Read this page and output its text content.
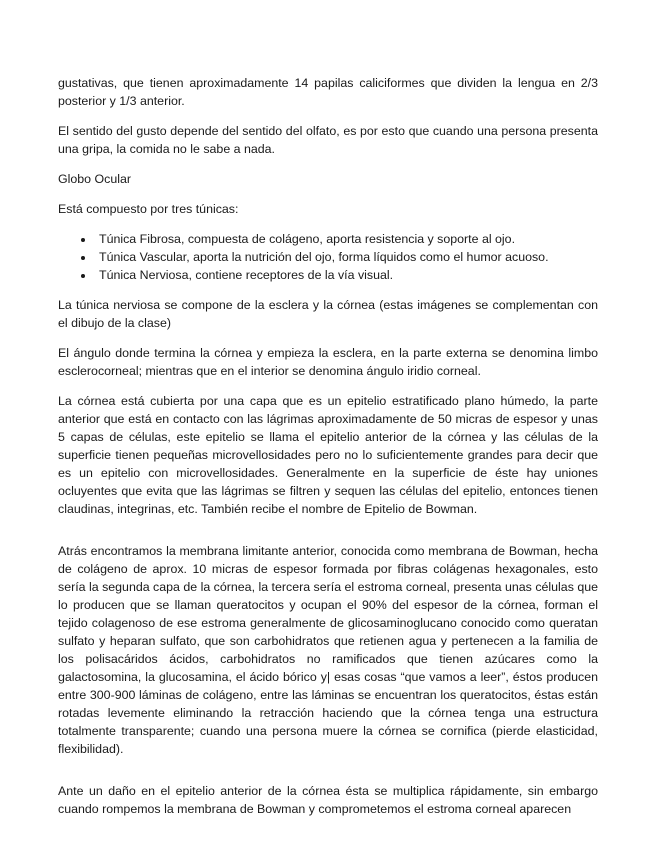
gustativas, que tienen aproximadamente 14 papilas caliciformes que dividen la lengua en 2/3 posterior y 1/3 anterior.

El sentido del gusto depende del sentido del olfato, es por esto que cuando una persona presenta una gripa, la comida no le sabe a nada.

Globo Ocular

Está compuesto por tres túnicas:

• Túnica Fibrosa, compuesta de colágeno, aporta resistencia y soporte al ojo.
• Túnica Vascular, aporta la nutrición del ojo, forma líquidos como el humor acuoso.
• Túnica Nerviosa, contiene receptores de la vía visual.

La túnica nerviosa se compone de la esclera y la córnea (estas imágenes se complementan con el dibujo de la clase)

El ángulo donde termina la córnea y empieza la esclera, en la parte externa se denomina limbo esclerocorneal; mientras que en el interior se denomina ángulo iridio corneal.

La córnea está cubierta por una capa que es un epitelio estratificado plano húmedo, la parte anterior que está en contacto con las lágrimas aproximadamente de 50 micras de espesor y unas 5 capas de células, este epitelio se llama el epitelio anterior de la córnea y las células de la superficie tienen pequeñas microvellosidades pero no lo suficientemente grandes para decir que es un epitelio con microvellosidades. Generalmente en la superficie de éste hay uniones ocluyentes que evita que las lágrimas se filtren y sequen las células del epitelio, entonces tienen claudinas, integrinas, etc. También recibe el nombre de Epitelio de Bowman.

Atrás encontramos la membrana limitante anterior, conocida como membrana de Bowman, hecha de colágeno de aprox. 10 micras de espesor formada por fibras colágenas hexagonales, esto sería la segunda capa de la córnea, la tercera sería el estroma corneal, presenta unas células que lo producen que se llaman queratocitos y ocupan el 90% del espesor de la córnea, forman el tejido colagenoso de ese estroma generalmente de glicosaminoglucano conocido como queratan sulfato y heparan sulfato, que son carbohidratos que retienen agua y pertenecen a la familia de los polisacáridos ácidos, carbohidratos no ramificados que tienen azúcares como la galactosomina, la glucosamina, el ácido bórico y| esas cosas “que vamos a leer”, éstos producen entre 300-900 láminas de colágeno, entre las láminas se encuentran los queratocitos, éstas están rotadas levemente eliminando la retracción haciendo que la córnea tenga una estructura totalmente transparente; cuando una persona muere la córnea se cornifica (pierde elasticidad, flexibilidad).

Ante un daño en el epitelio anterior de la córnea ésta se multiplica rápidamente, sin embargo cuando rompemos la membrana de Bowman y comprometemos el estroma corneal aparecen
